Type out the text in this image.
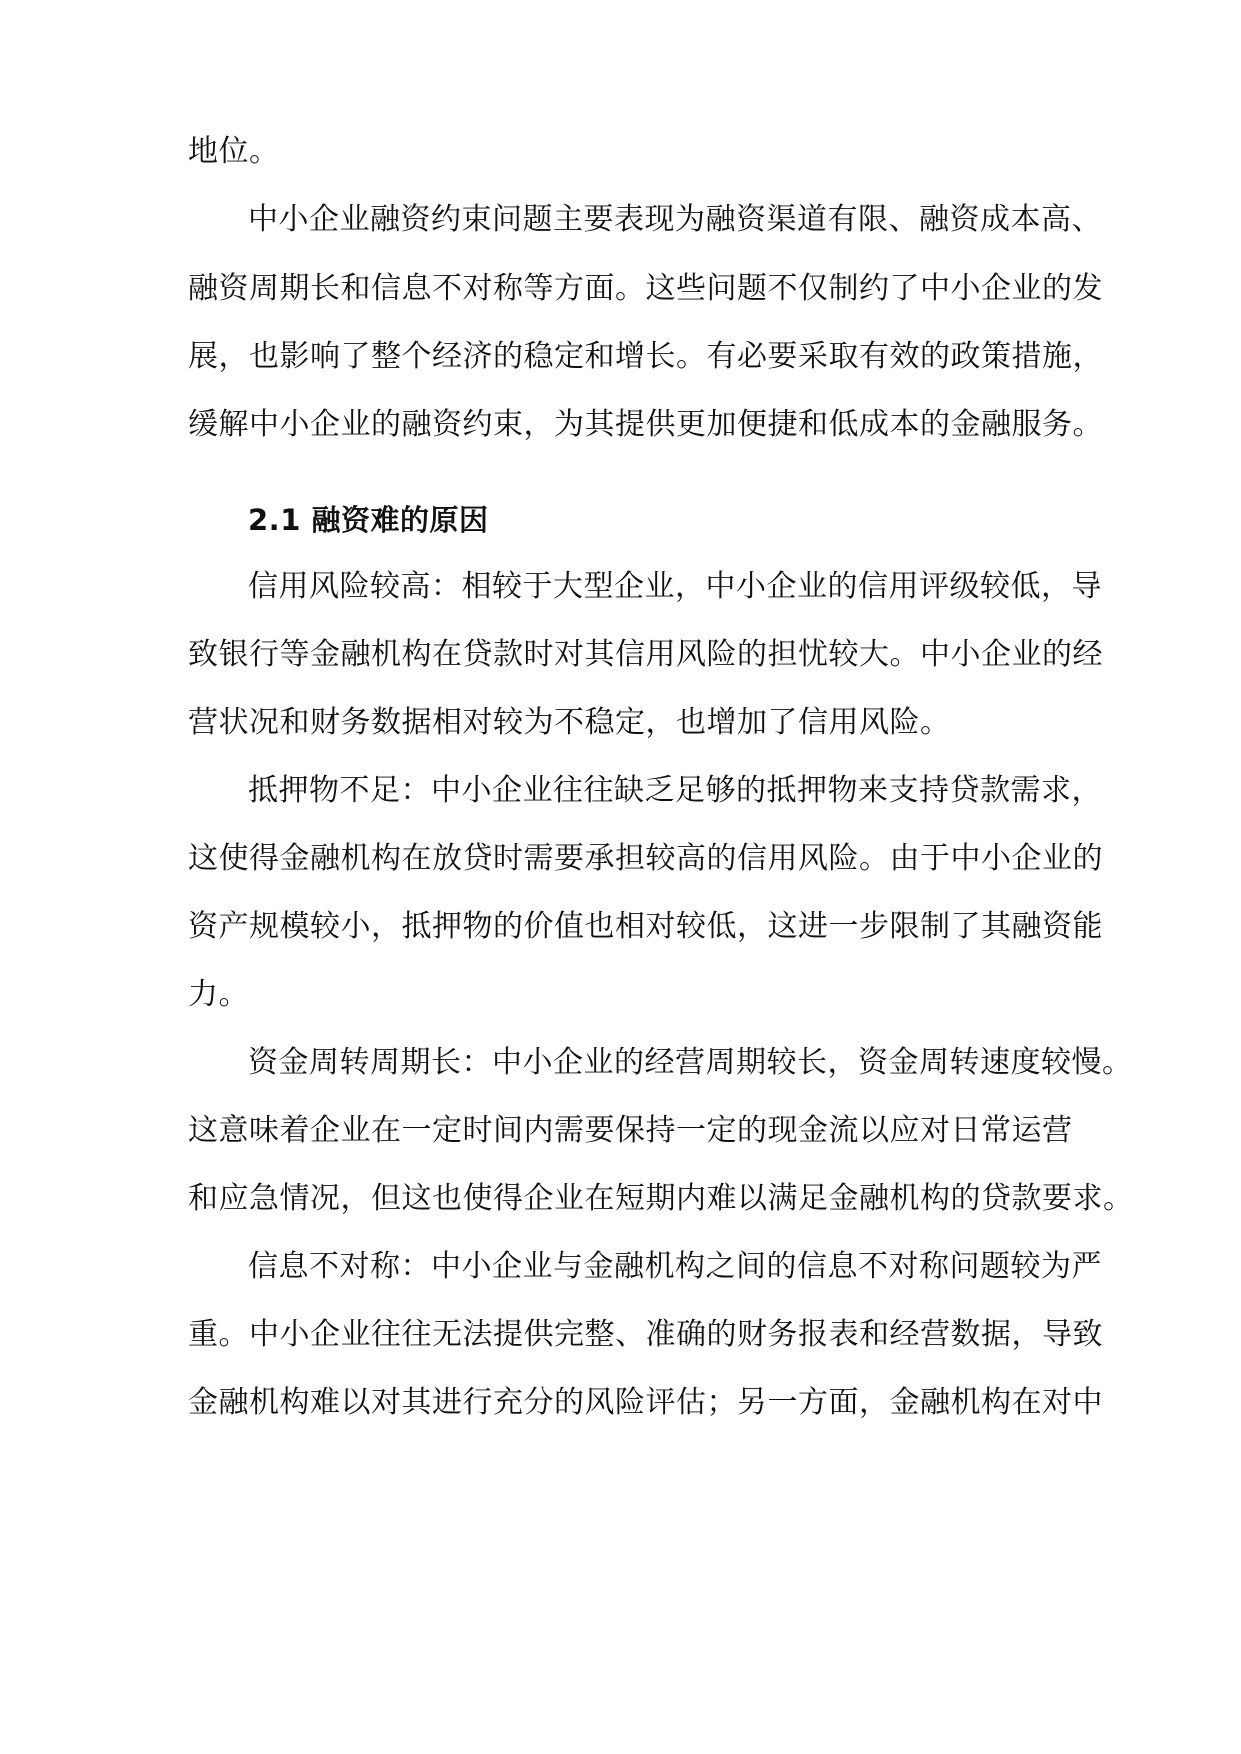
地位。
中小企业融资约束问题主要表现为融资渠道有限、融资成本高、
融资周期长和信息不对称等方面。这些问题不仅制约了中小企业的发
展，也影响了整个经济的稳定和增长。有必要采取有效的政策措施，
缓解中小企业的融资约束，为其提供更加便捷和低成本的金融服务。
2.1 融资难的原因
信用风险较高：相较于大型企业，中小企业的信用评级较低，导
致银行等金融机构在贷款时对其信用风险的担忧较大。中小企业的经
营状况和财务数据相对较为不稳定，也增加了信用风险。
抵押物不足：中小企业往往缺乏足够的抵押物来支持贷款需求，
这使得金融机构在放贷时需要承担较高的信用风险。由于中小企业的
资产规模较小，抵押物的价值也相对较低，这进一步限制了其融资能
力。
资金周转周期长：中小企业的经营周期较长，资金周转速度较慢。
这意味着企业在一定时间内需要保持一定的现金流以应对日常运营
和应急情况，但这也使得企业在短期内难以满足金融机构的贷款要求。
信息不对称：中小企业与金融机构之间的信息不对称问题较为严
重。中小企业往往无法提供完整、准确的财务报表和经营数据，导致
金融机构难以对其进行充分的风险评估；另一方面，金融机构在对中
